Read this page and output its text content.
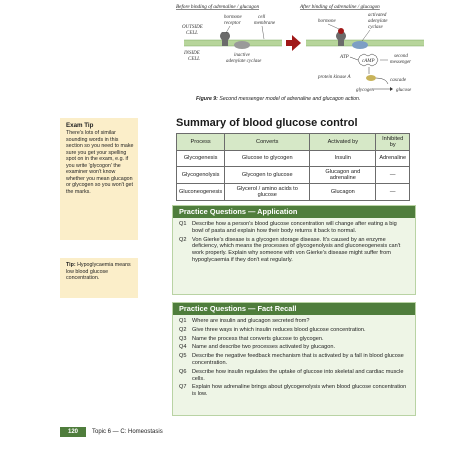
Before binding of adrenaline / glucagon	After binding of adrenaline / glucagon
OUTSIDE
CELL
INSIDE
CELL
hormone
receptor
cell
membrane
inactive
adenylate cyclase
hormone
activated
adenylate
cyclase
ATP
cAMP
second
messenger
protein kinase A
cascade
glycogen	glucose
Figure 9: Second messenger model of adrenaline and glucagon action.
Exam Tip
There's lots of similar sounding words in this section so you need to make sure you get your spelling spot on in the exam, e.g. if you write 'glycogon' the examiner won't know whether you mean glucagon or glycogen so you won't get the marks.
Tip: Hypoglycaemia means low blood glucose concentration.
Summary of blood glucose control
Process	Converts	Activated by	Inhibited by
Glycogenesis	Glucose to glycogen	Insulin	Adrenaline
Glycogenolysis	Glycogen to glucose	Glucagon and adrenaline	—
Gluconeogenesis	Glycerol / amino acids to glucose	Glucagon	—
Practice Questions — Application
Q1 Describe how a person's blood glucose concentration will change after eating a big bowl of pasta and explain how their body returns it back to normal.
Q2 Von Gierke's disease is a glycogen storage disease. It's caused by an enzyme deficiency, which means the processes of glycogenolysis and gluconeogenesis can't work properly. Explain why someone with von Gierke's disease might suffer from hypoglycaemia if they don't eat regularly.
Practice Questions — Fact Recall
Q1 Where are insulin and glucagon secreted from?
Q2 Give three ways in which insulin reduces blood glucose concentration.
Q3 Name the process that converts glucose to glycogen.
Q4 Name and describe two processes activated by glucagon.
Q5 Describe the negative feedback mechanism that is activated by a fall in blood glucose concentration.
Q6 Describe how insulin regulates the uptake of glucose into skeletal and cardiac muscle cells.
Q7 Explain how adrenaline brings about glycogenolysis when blood glucose concentration is low.
120	Topic 6 — C: Homeostasis
